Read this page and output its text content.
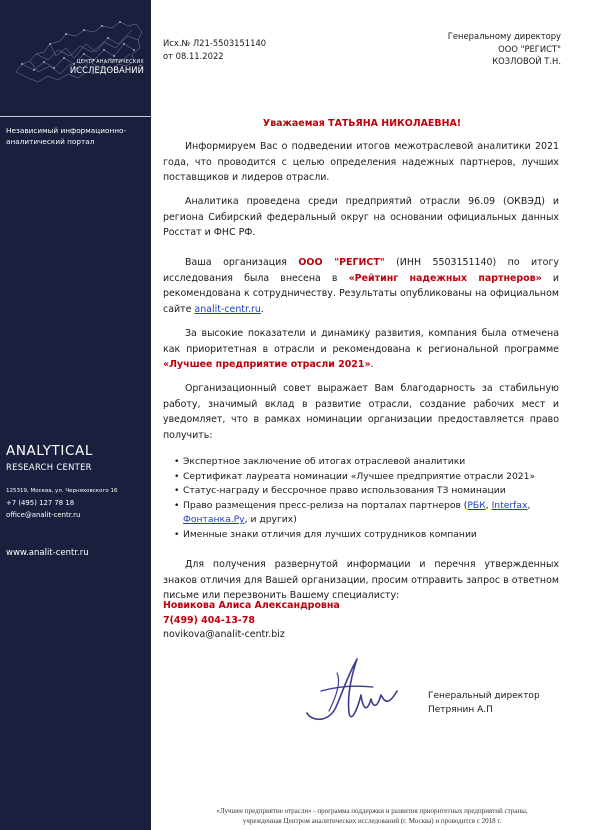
ЦЕНТР АНАЛИТИЧЕСКИХ
ИССЛЕДОВАНИЙ
Независимый информационно-
аналитический портал
ANALYTICAL
RESEARCH CENTER
125319, Москва, ул. Черняховского 16
+7 (495) 127 78 18
office@analit-centr.ru
www.analit-centr.ru
Исх.№ Л21-5503151140
от 08.11.2022
Генеральному директору
ООО "РЕГИСТ"
КОЗЛОВОЙ Т.Н.
Уважаемая ТАТЬЯНА НИКОЛАЕВНА!

Информируем Вас о подведении итогов межотраслевой аналитики 2021 года, что проводится с целью определения надежных партнеров, лучших поставщиков и лидеров отрасли.

Аналитика проведена среди предприятий отрасли 96.09 (ОКВЭД) и региона Сибирский федеральный округ на основании официальных данных Росстат и ФНС РФ.

Ваша организация ООО "РЕГИСТ" (ИНН 5503151140) по итогу исследования была внесена в «Рейтинг надежных партнеров» и рекомендована к сотрудничеству. Результаты опубликованы на официальном сайте analit-centr.ru.

За высокие показатели и динамику развития, компания была отмечена как приоритетная в отрасли и рекомендована к региональной программе «Лучшее предприятие отрасли 2021».

Организационный совет выражает Вам благодарность за стабильную работу, значимый вклад в развитие отрасли, создание рабочих мест и уведомляет, что в рамках номинации организации предоставляется право получить:

• Экспертное заключение об итогах отраслевой аналитики
• Сертификат лауреата номинации «Лучшее предприятие отрасли 2021»
• Статус-награду и бессрочное право использования ТЗ номинации
• Право размещения пресс-релиза на порталах партнеров (РБК, Interfax, Фонтанка.Ру, и других)
• Именные знаки отличия для лучших сотрудников компании

Для получения развернутой информации и перечня утвержденных знаков отличия для Вашей организации, просим отправить запрос в ответном письме или перезвонить Вашему специалисту:

Новикова Алиса Александровна
7(499) 404-13-78
novikova@analit-centr.biz
Генеральный директор
Петрянин А.П
«Лучшее предприятие отрасли» - программа поддержки и развития приоритетных предприятий страны,
учрежденная Центром аналитических исследований (г. Москва) и проводится с 2018 г.
